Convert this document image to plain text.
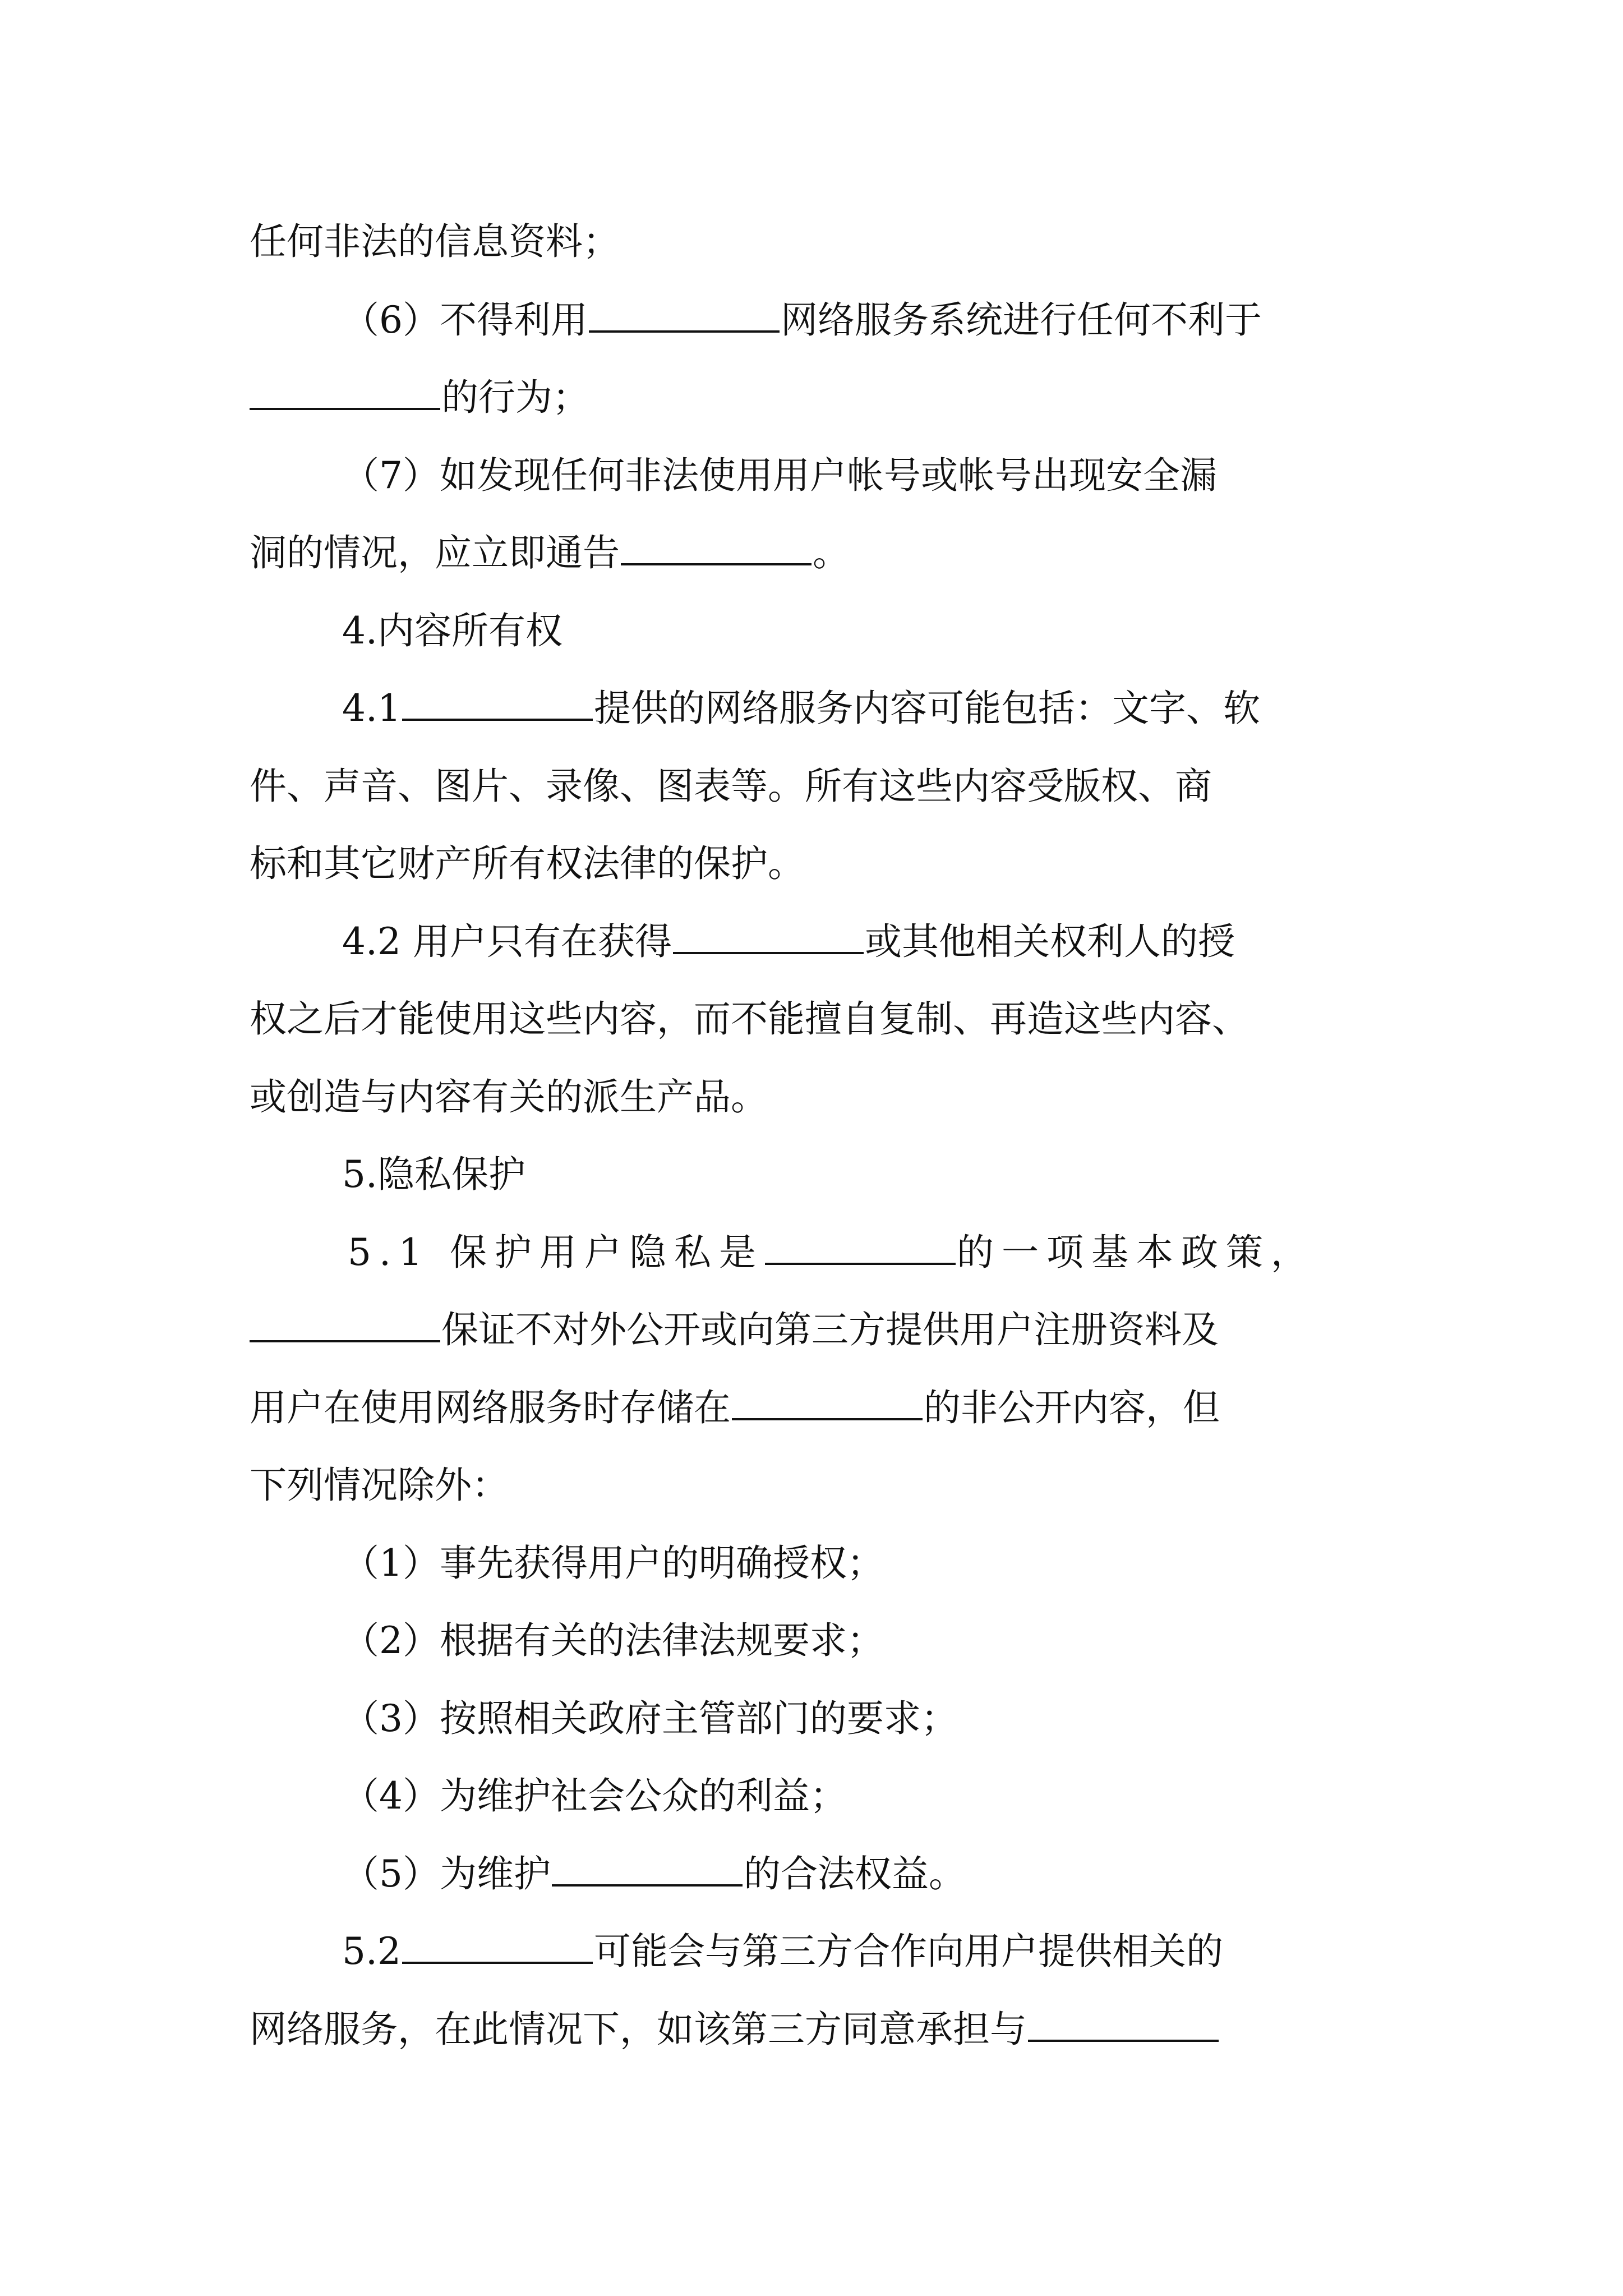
任何非法的信息资料；
（6）不得利用	网络服务系统进行任何不利于
的行为；
（7）如发现任何非法使用用户帐号或帐号出现安全漏
洞的情况，应立即通告	。
4.内容所有权
4.1	提供的网络服务内容可能包括：文字、软
件、声音、图片、录像、图表等。所有这些内容受版权、商
标和其它财产所有权法律的保护。
4.2 用户只有在获得	或其他相关权利人的授
权之后才能使用这些内容，而不能擅自复制、再造这些内容、
或创造与内容有关的派生产品。
5.隐私保护
5.1 保护用户隐私是	的一项基本政策，
保证不对外公开或向第三方提供用户注册资料及
用户在使用网络服务时存储在	的非公开内容，但
下列情况除外：
（1）事先获得用户的明确授权；
（2）根据有关的法律法规要求；
（3）按照相关政府主管部门的要求；
（4）为维护社会公众的利益；
（5）为维护	的合法权益。
5.2	可能会与第三方合作向用户提供相关的
网络服务，在此情况下，如该第三方同意承担与
